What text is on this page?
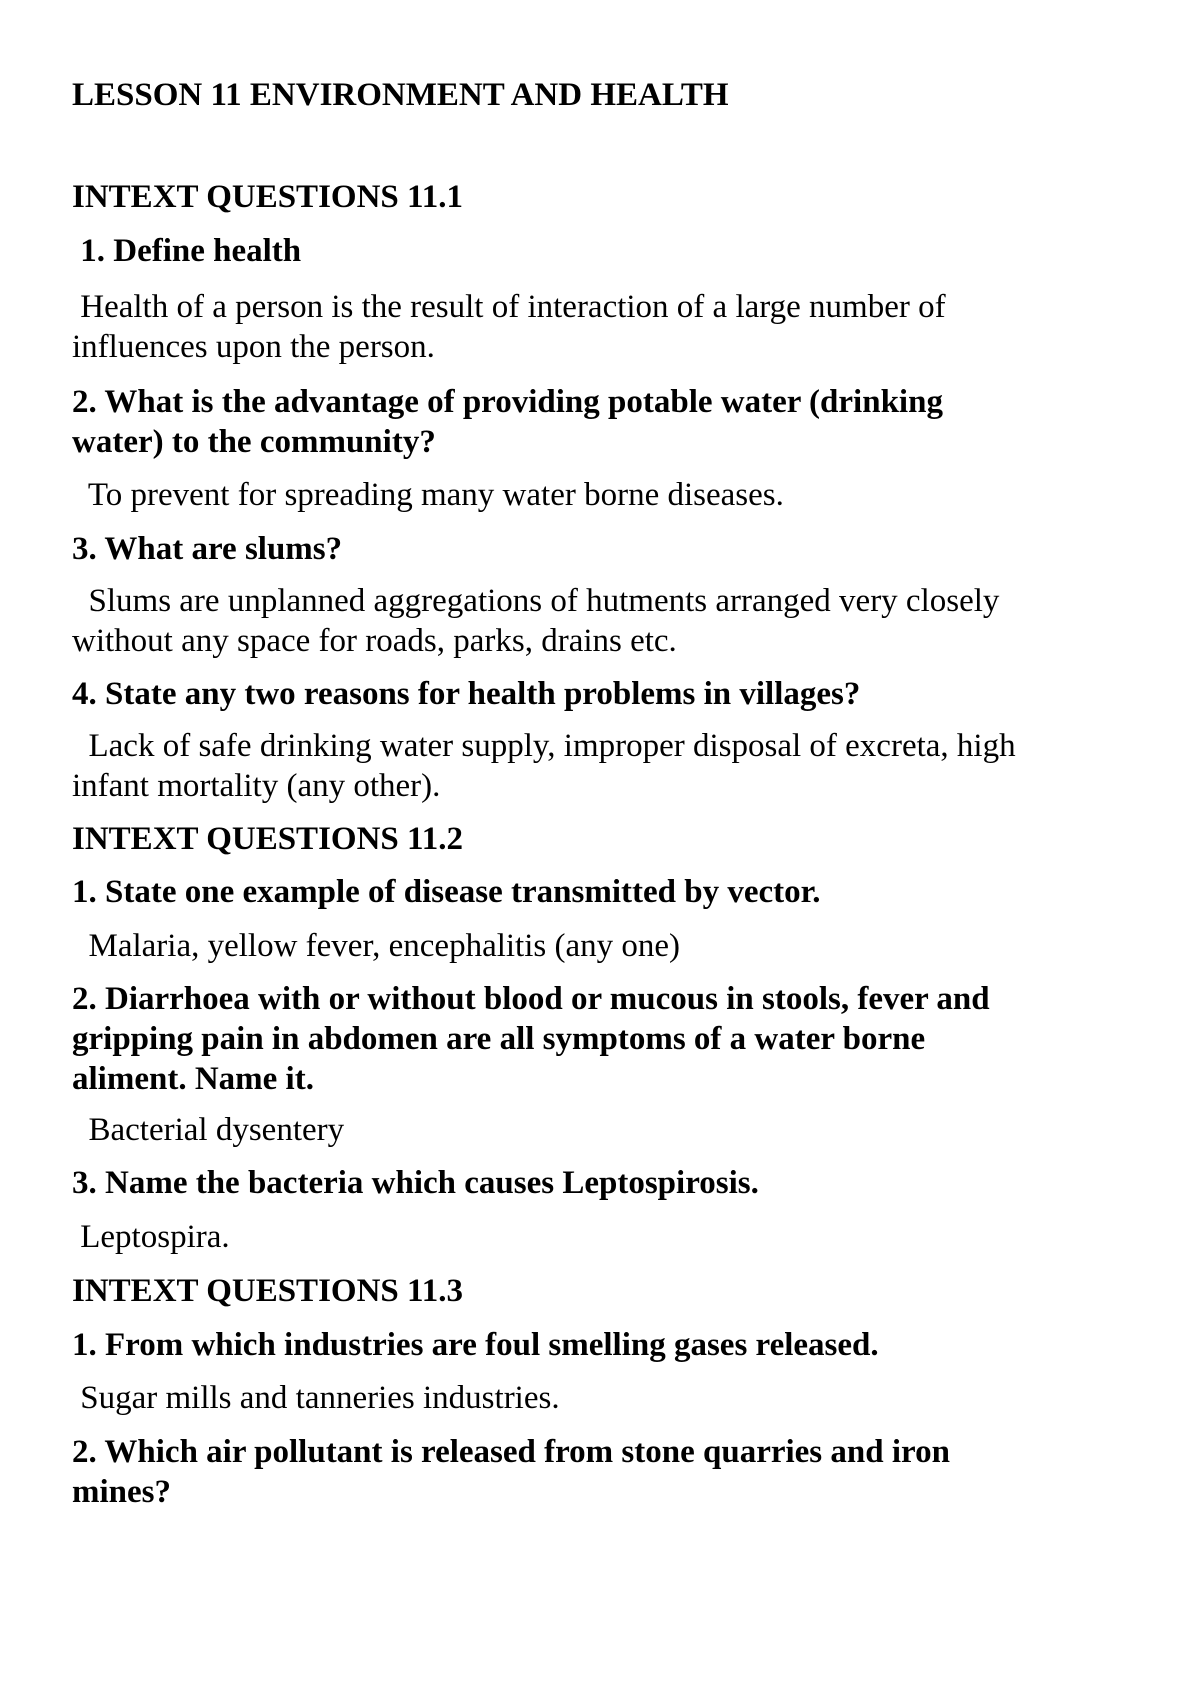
LESSON 11 ENVIRONMENT AND HEALTH
INTEXT QUESTIONS 11.1
1. Define health
Health of a person is the result of interaction of a large number of
influences upon the person.
2. What is the advantage of providing potable water (drinking
water) to the community?
To prevent for spreading many water borne diseases.
3. What are slums?
Slums are unplanned aggregations of hutments arranged very closely
without any space for roads, parks, drains etc.
4. State any two reasons for health problems in villages?
Lack of safe drinking water supply, improper disposal of excreta, high
infant mortality (any other).
INTEXT QUESTIONS 11.2
1. State one example of disease transmitted by vector.
Malaria, yellow fever, encephalitis (any one)
2. Diarrhoea with or without blood or mucous in stools, fever and
gripping pain in abdomen are all symptoms of a water borne
aliment. Name it.
Bacterial dysentery
3. Name the bacteria which causes Leptospirosis.
Leptospira.
INTEXT QUESTIONS 11.3
1. From which industries are foul smelling gases released.
Sugar mills and tanneries industries.
2. Which air pollutant is released from stone quarries and iron
mines?
